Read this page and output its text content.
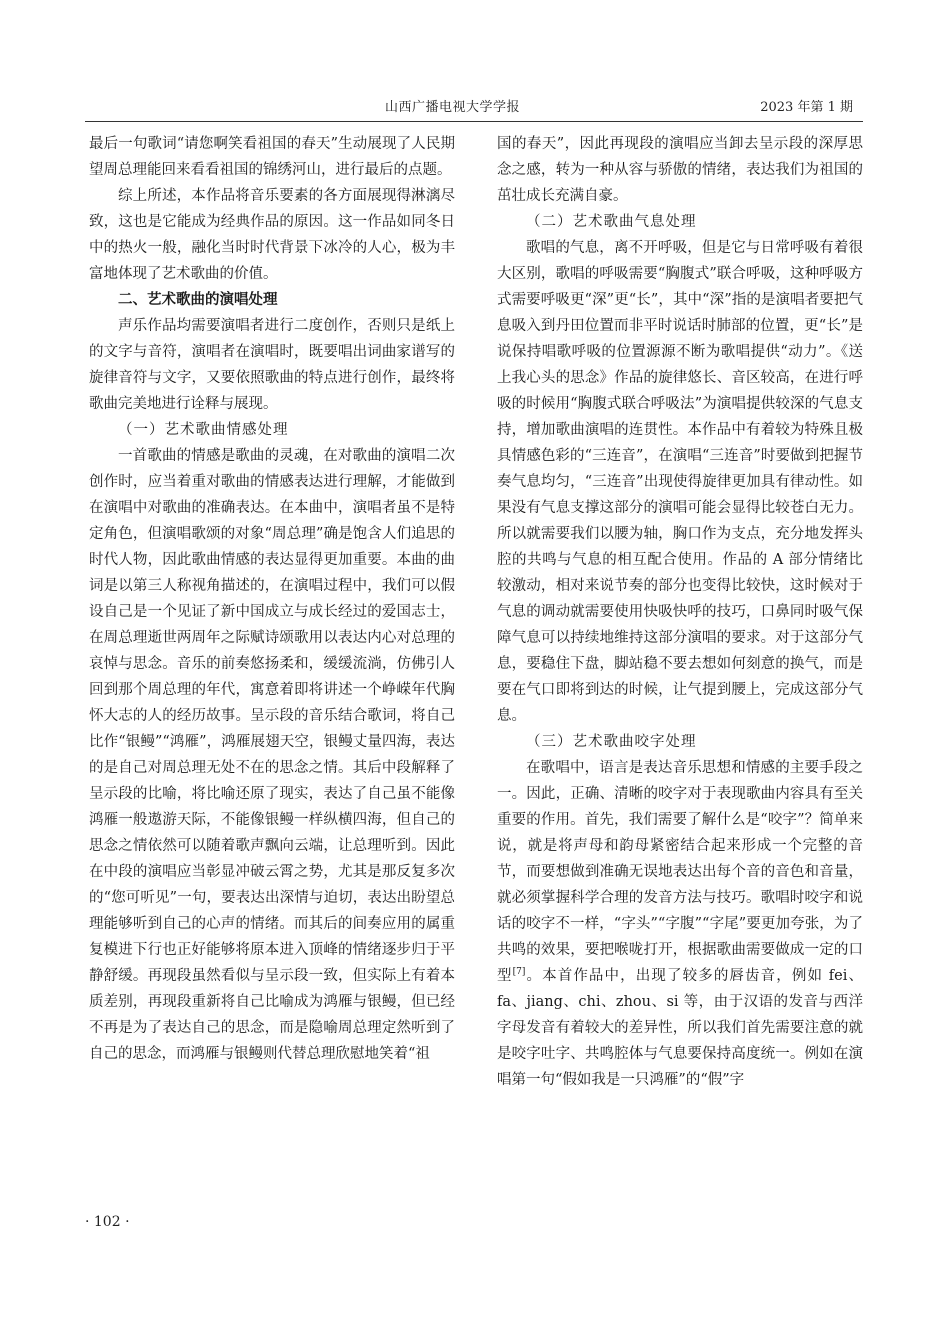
山西广播电视大学学报	2023 年第 1 期

最后一句歌词“请您啊笑看祖国的春天”生动展现了人民期望周总理能回来看看祖国的锦绣河山，进行最后的点题。

综上所述，本作品将音乐要素的各方面展现得淋漓尽致，这也是它能成为经典作品的原因。这一作品如同冬日中的热火一般，融化当时时代背景下冰冷的人心，极为丰富地体现了艺术歌曲的价值。

二、艺术歌曲的演唱处理

声乐作品均需要演唱者进行二度创作，否则只是纸上的文字与音符，演唱者在演唱时，既要唱出词曲家谱写的旋律音符与文字，又要依照歌曲的特点进行创作，最终将歌曲完美地进行诠释与展现。

（一）艺术歌曲情感处理

一首歌曲的情感是歌曲的灵魂，在对歌曲的演唱二次创作时，应当着重对歌曲的情感表达进行理解，才能做到在演唱中对歌曲的准确表达。在本曲中，演唱者虽不是特定角色，但演唱歌颂的对象“周总理”确是饱含人们追思的时代人物，因此歌曲情感的表达显得更加重要。本曲的曲词是以第三人称视角描述的，在演唱过程中，我们可以假设自己是一个见证了新中国成立与成长经过的爱国志士，在周总理逝世两周年之际赋诗颂歌用以表达内心对总理的哀悼与思念。音乐的前奏悠扬柔和，缓缓流淌，仿佛引人回到那个周总理的年代，寓意着即将讲述一个峥嵘年代胸怀大志的人的经历故事。呈示段的音乐结合歌词，将自己比作“银鳗”“鸿雁”，鸿雁展翅天空，银鳗丈量四海，表达的是自己对周总理无处不在的思念之情。其后中段解释了呈示段的比喻，将比喻还原了现实，表达了自己虽不能像鸿雁一般遨游天际，不能像银鳗一样纵横四海，但自己的思念之情依然可以随着歌声飘向云端，让总理听到。因此在中段的演唱应当彰显冲破云霄之势，尤其是那反复多次的“您可听见”一句，要表达出深情与迫切，表达出盼望总理能够听到自己的心声的情绪。而其后的间奏应用的属重复模进下行也正好能够将原本进入顶峰的情绪逐步归于平静舒缓。再现段虽然看似与呈示段一致，但实际上有着本质差别，再现段重新将自己比喻成为鸿雁与银鳗，但已经不再是为了表达自己的思念，而是隐喻周总理定然听到了自己的思念，而鸿雁与银鳗则代替总理欣慰地笑着“祖

国的春天”，因此再现段的演唱应当卸去呈示段的深厚思念之感，转为一种从容与骄傲的情绪，表达我们为祖国的茁壮成长充满自豪。

（二）艺术歌曲气息处理

歌唱的气息，离不开呼吸，但是它与日常呼吸有着很大区别，歌唱的呼吸需要“胸腹式”联合呼吸，这种呼吸方式需要呼吸更“深”更“长”，其中“深”指的是演唱者要把气息吸入到丹田位置而非平时说话时肺部的位置，更“长”是说保持唱歌呼吸的位置源源不断为歌唱提供“动力”。《送上我心头的思念》作品的旋律悠长、音区较高，在进行呼吸的时候用“胸腹式联合呼吸法”为演唱提供较深的气息支持，增加歌曲演唱的连贯性。本作品中有着较为特殊且极具情感色彩的“三连音”，在演唱“三连音”时要做到把握节奏气息均匀，“三连音”出现使得旋律更加具有律动性。如果没有气息支撑这部分的演唱可能会显得比较苍白无力。所以就需要我们以腰为轴，胸口作为支点，充分地发挥头腔的共鸣与气息的相互配合使用。作品的 A 部分情绪比较激动，相对来说节奏的部分也变得比较快，这时候对于气息的调动就需要使用快吸快呼的技巧，口鼻同时吸气保障气息可以持续地维持这部分演唱的要求。对于这部分气息，要稳住下盘，脚站稳不要去想如何刻意的换气，而是要在气口即将到达的时候，让气提到腰上，完成这部分气息。

（三）艺术歌曲咬字处理

在歌唱中，语言是表达音乐思想和情感的主要手段之一。因此，正确、清晰的咬字对于表现歌曲内容具有至关重要的作用。首先，我们需要了解什么是“咬字”？简单来说，就是将声母和韵母紧密结合起来形成一个完整的音节，而要想做到准确无误地表达出每个音的音色和音量，就必须掌握科学合理的发音方法与技巧。歌唱时咬字和说话的咬字不一样，“字头”“字腹”“字尾”要更加夸张，为了共鸣的效果，要把喉咙打开，根据歌曲需要做成一定的口型[7]。本首作品中，出现了较多的唇齿音，例如 fei、fa、jiang、chi、zhou、si 等，由于汉语的发音与西洋字母发音有着较大的差异性，所以我们首先需要注意的就是咬字吐字、共鸣腔体与气息要保持高度统一。例如在演唱第一句“假如我是一只鸿雁”的“假”字

· 102 ·
